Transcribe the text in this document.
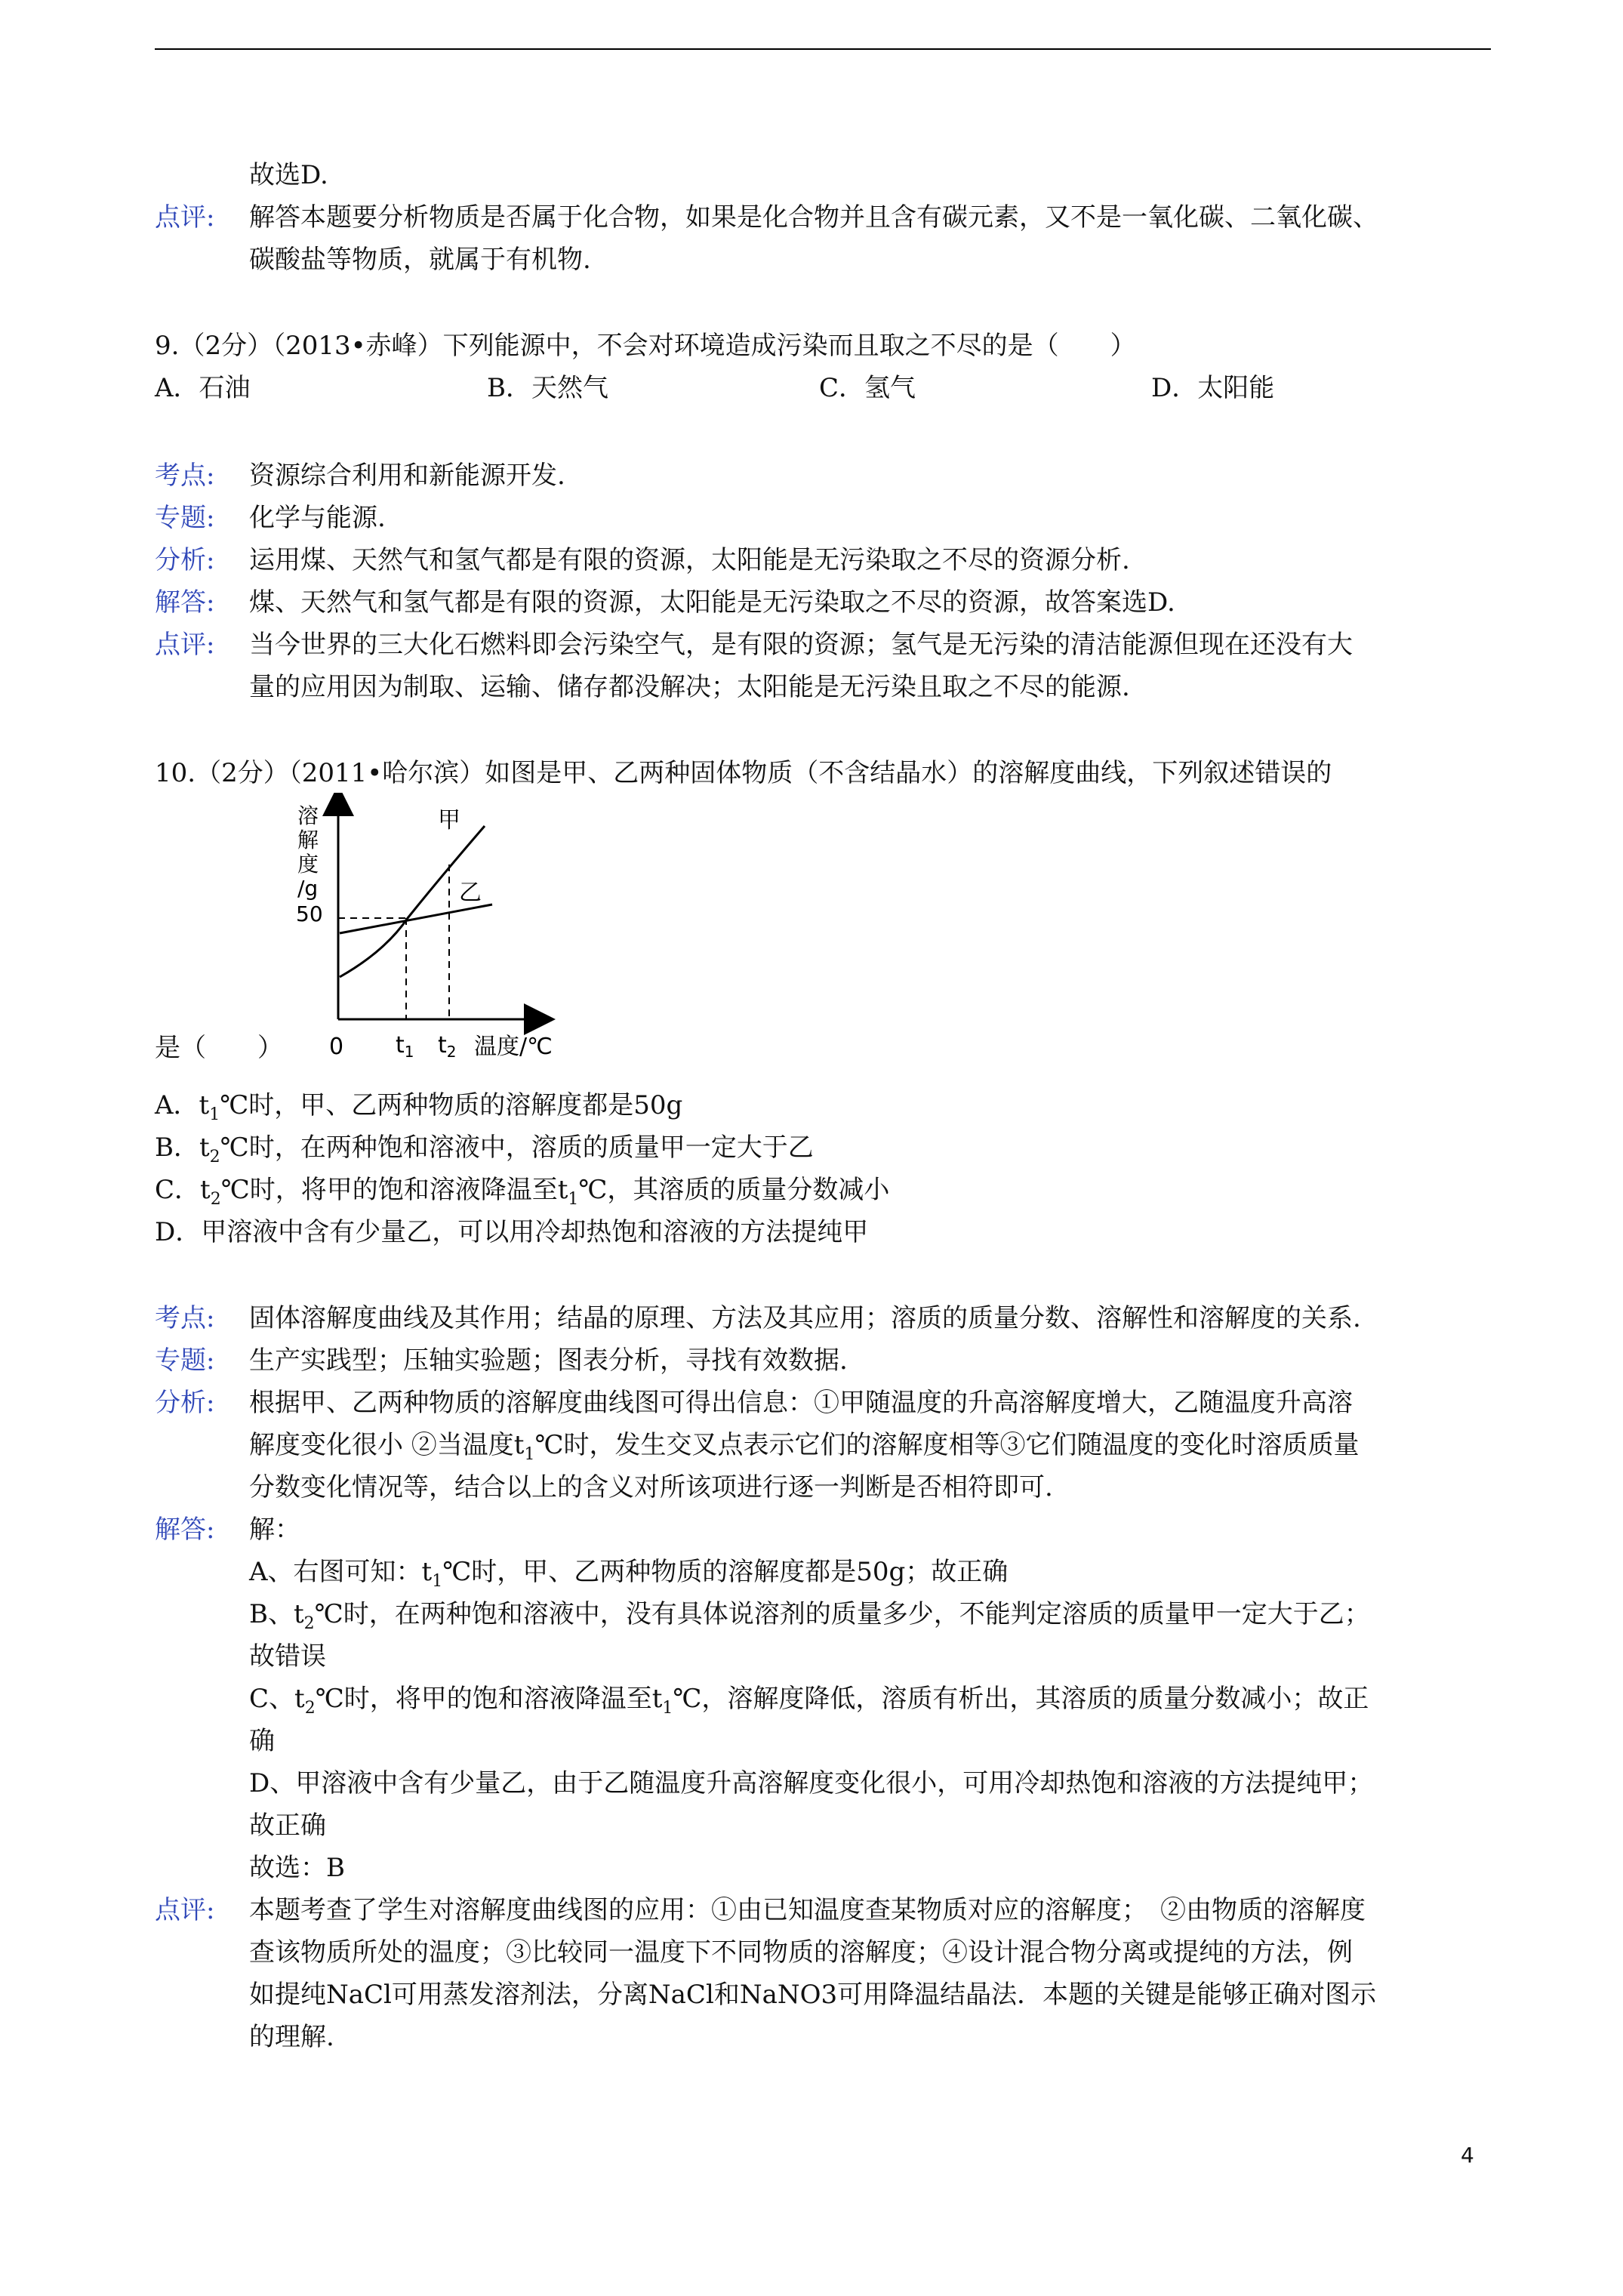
故选D.
点评: 解答本题要分析物质是否属于化合物，如果是化合物并且含有碳元素，又不是一氧化碳、二氧化碳、
碳酸盐等物质，就属于有机物.
9.（2分）（2013•赤峰）下列能源中，不会对环境造成污染而且取之不尽的是（　　）
A．石油	B．天然气	C．氢气	D．太阳能
考点: 资源综合利用和新能源开发.
专题: 化学与能源.
分析: 运用煤、天然气和氢气都是有限的资源，太阳能是无污染取之不尽的资源分析.
解答: 煤、天然气和氢气都是有限的资源，太阳能是无污染取之不尽的资源，故答案选D.
点评: 当今世界的三大化石燃料即会污染空气，是有限的资源；氢气是无污染的清洁能源但现在还没有大
量的应用因为制取、运输、储存都没解决；太阳能是无污染且取之不尽的能源.
10.（2分）（2011•哈尔滨）如图是甲、乙两种固体物质（不含结晶水）的溶解度曲线，下列叙述错误的
溶
解
度
/g
50
甲
乙
0 $t_1$ $t_2$ 温度/℃
是（　　）
A．$t_1℃$时，甲、乙两种物质的溶解度都是50g
B．$t_2℃$时，在两种饱和溶液中，溶质的质量甲一定大于乙
C．$t_2℃$时，将甲的饱和溶液降温至$t_1℃$，其溶质的质量分数减小
D．甲溶液中含有少量乙，可以用冷却热饱和溶液的方法提纯甲
考点: 固体溶解度曲线及其作用；结晶的原理、方法及其应用；溶质的质量分数、溶解性和溶解度的关系.
专题: 生产实践型；压轴实验题；图表分析，寻找有效数据.
分析: 根据甲、乙两种物质的溶解度曲线图可得出信息：①甲随温度的升高溶解度增大，乙随温度升高溶
解度变化很小 ②当温度$t_1℃$时，发生交叉点表示它们的溶解度相等③它们随温度的变化时溶质质量
分数变化情况等，结合以上的含义对所该项进行逐一判断是否相符即可.
解答: 解：
A、右图可知：$t_1℃$时，甲、乙两种物质的溶解度都是50g；故正确
B、$t_2℃$时，在两种饱和溶液中，没有具体说溶剂的质量多少，不能判定溶质的质量甲一定大于乙；
故错误
C、$t_2℃$时，将甲的饱和溶液降温至$t_1℃$，溶解度降低，溶质有析出，其溶质的质量分数减小；故正
确
D、甲溶液中含有少量乙，由于乙随温度升高溶解度变化很小，可用冷却热饱和溶液的方法提纯甲；
故正确
故选：B
点评: 本题考查了学生对溶解度曲线图的应用：①由已知温度查某物质对应的溶解度；　②由物质的溶解度
查该物质所处的温度；③比较同一温度下不同物质的溶解度；④设计混合物分离或提纯的方法，例
如提纯NaCl可用蒸发溶剂法，分离NaCl和NaNO3可用降温结晶法．本题的关键是能够正确对图示
的理解.
4
